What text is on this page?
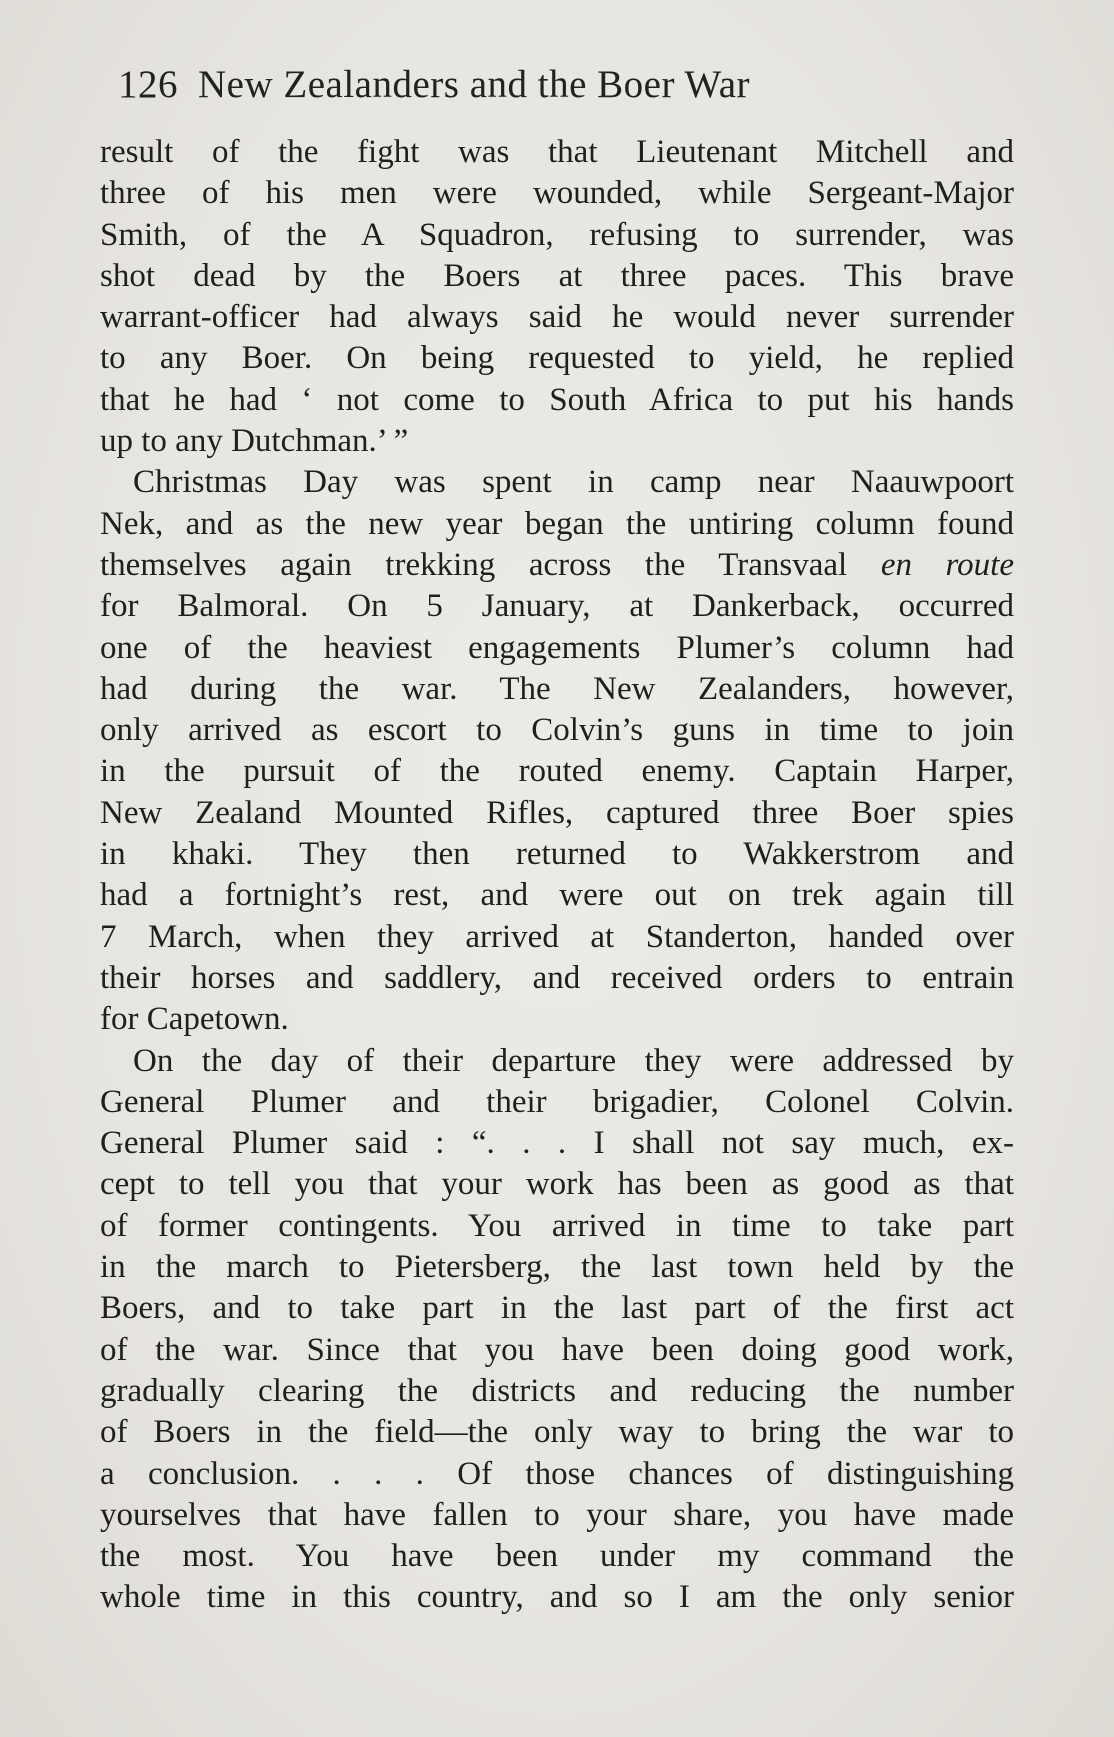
126 New Zealanders and the Boer War
result of the fight was that Lieutenant Mitchell and
three of his men were wounded, while Sergeant-Major
Smith, of the A Squadron, refusing to surrender, was
shot dead by the Boers at three paces. This brave
warrant-officer had always said he would never surrender
to any Boer. On being requested to yield, he replied
that he had ‘ not come to South Africa to put his hands
up to any Dutchman.’ ”
Christmas Day was spent in camp near Naauwpoort
Nek, and as the new year began the untiring column found
themselves again trekking across the Transvaal en route
for Balmoral. On 5 January, at Dankerback, occurred
one of the heaviest engagements Plumer’s column had
had during the war. The New Zealanders, however,
only arrived as escort to Colvin’s guns in time to join
in the pursuit of the routed enemy. Captain Harper,
New Zealand Mounted Rifles, captured three Boer spies
in khaki. They then returned to Wakkerstrom and
had a fortnight’s rest, and were out on trek again till
7 March, when they arrived at Standerton, handed over
their horses and saddlery, and received orders to entrain
for Capetown.
On the day of their departure they were addressed by
General Plumer and their brigadier, Colonel Colvin.
General Plumer said : “. . . I shall not say much, ex-
cept to tell you that your work has been as good as that
of former contingents. You arrived in time to take part
in the march to Pietersberg, the last town held by the
Boers, and to take part in the last part of the first act
of the war. Since that you have been doing good work,
gradually clearing the districts and reducing the number
of Boers in the field—the only way to bring the war to
a conclusion. . . . Of those chances of distinguishing
yourselves that have fallen to your share, you have made
the most. You have been under my command the
whole time in this country, and so I am the only senior
